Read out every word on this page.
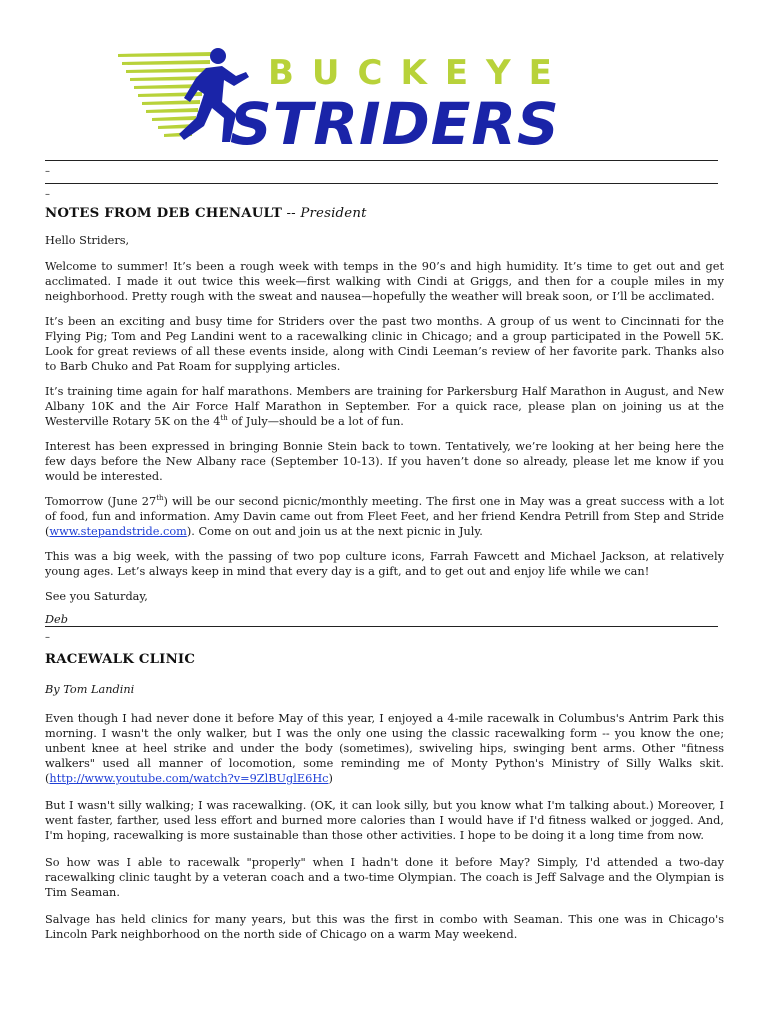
BUCKEYE
STRIDERS
–
–
NOTES FROM DEB CHENAULT -- President

Hello Striders,

Welcome to summer! It’s been a rough week with temps in the 90’s and high humidity. It’s time to get out and get acclimated. I made it out twice this week—first walking with Cindi at Griggs, and then for a couple miles in my neighborhood. Pretty rough with the sweat and nausea—hopefully the weather will break soon, or I’ll be acclimated.

It’s been an exciting and busy time for Striders over the past two months. A group of us went to Cincinnati for the Flying Pig; Tom and Peg Landini went to a racewalking clinic in Chicago; and a group participated in the Powell 5K. Look for great reviews of all these events inside, along with Cindi Leeman’s review of her favorite park. Thanks also to Barb Chuko and Pat Roam for supplying articles.

It’s training time again for half marathons. Members are training for Parkersburg Half Marathon in August, and New Albany 10K and the Air Force Half Marathon in September. For a quick race, please plan on joining us at the Westerville Rotary 5K on the 4th of July—should be a lot of fun.

Interest has been expressed in bringing Bonnie Stein back to town. Tentatively, we’re looking at her being here the few days before the New Albany race (September 10-13). If you haven’t done so already, please let me know if you would be interested.

Tomorrow (June 27th) will be our second picnic/monthly meeting. The first one in May was a great success with a lot of food, fun and information. Amy Davin came out from Fleet Feet, and her friend Kendra Petrill from Step and Stride (www.stepandstride.com). Come on out and join us at the next picnic in July.

This was a big week, with the passing of two pop culture icons, Farrah Fawcett and Michael Jackson, at relatively young ages. Let’s always keep in mind that every day is a gift, and to get out and enjoy life while we can!

See you Saturday,

Deb

–
RACEWALK CLINIC

By Tom Landini

Even though I had never done it before May of this year, I enjoyed a 4-mile racewalk in Columbus's Antrim Park this morning. I wasn't the only walker, but I was the only one using the classic racewalking form -- you know the one; unbent knee at heel strike and under the body (sometimes), swiveling hips, swinging bent arms. Other "fitness walkers" used all manner of locomotion, some reminding me of Monty Python's Ministry of Silly Walks skit. (http://www.youtube.com/watch?v=9ZlBUglE6Hc)

But I wasn't silly walking; I was racewalking. (OK, it can look silly, but you know what I'm talking about.) Moreover, I went faster, farther, used less effort and burned more calories than I would have if I'd fitness walked or jogged. And, I'm hoping, racewalking is more sustainable than those other activities. I hope to be doing it a long time from now.

So how was I able to racewalk "properly" when I hadn't done it before May? Simply, I'd attended a two-day racewalking clinic taught by a veteran coach and a two-time Olympian. The coach is Jeff Salvage and the Olympian is Tim Seaman.

Salvage has held clinics for many years, but this was the first in combo with Seaman. This one was in Chicago's Lincoln Park neighborhood on the north side of Chicago on a warm May weekend.
